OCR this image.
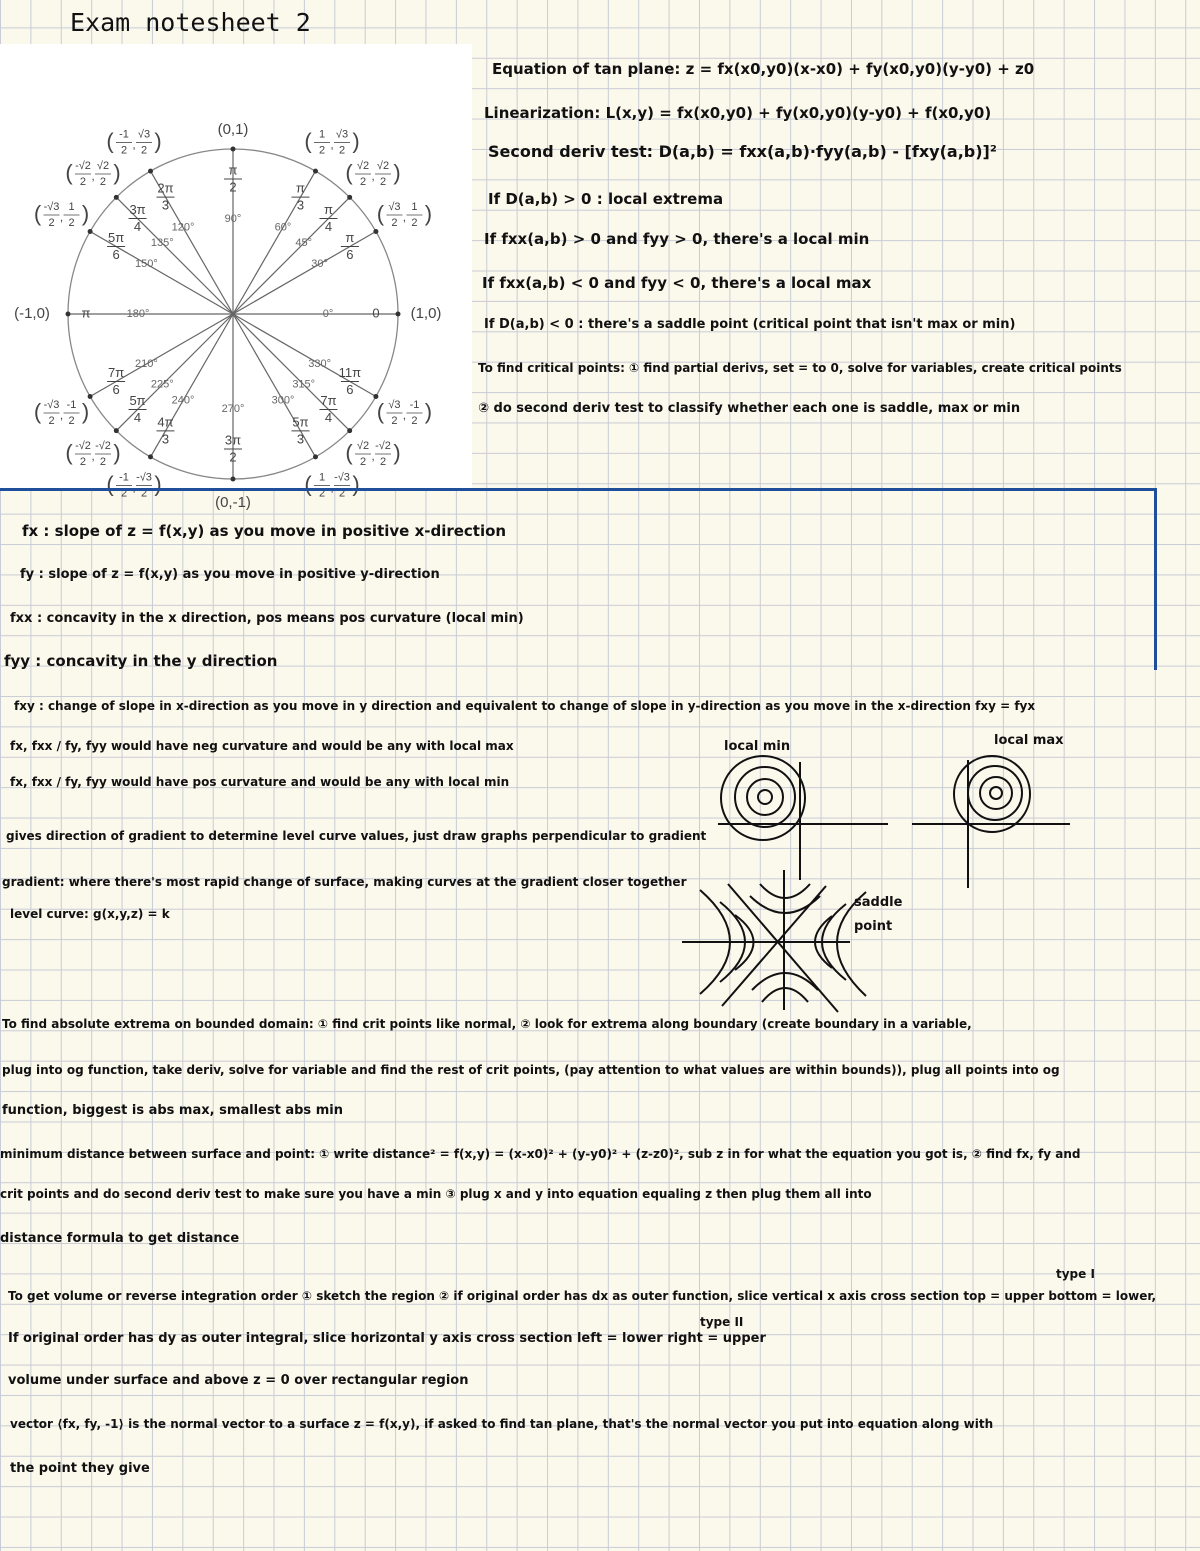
Exam notesheet 2
0°
30°
45°
60°
90°
120°
135°
150°
180°
210°
225°
240°
270°
300°
315°
330°
π
6
π
4
π
3
π
2
2π
3
3π
4
5π
6
7π
6
5π
4 4π
3	3π
2
5π
3
7π
4
11π
6
0
π
(0,1)
(0,-1)
(-1,0)	(1,0)
( √3
2 ,
1
2 )
( √2
2 ,
√2
2 )
( 1
2 ,
√3
2 )
( -1
2 ,
√3
2 )
( -√2
2 ,
√2
2 )
( -√3
2 ,
1
2 )
( -√3
2 ,
-1
2 )
( -√2
2 ,
-√2
2 )
( -1
2 ,
-√3
2 )	( 1
2 ,
-√3
2 )
( √2
2 ,
-√2
2 )
( √3
2 ,
-1
2 )
Equation of tan plane: z = fx(x0,y0)(x-x0) + fy(x0,y0)(y-y0) + z0
Linearization: L(x,y) = fx(x0,y0) + fy(x0,y0)(y-y0) + f(x0,y0)
Second deriv test: D(a,b) = fxx(a,b)·fyy(a,b) - [fxy(a,b)]²
If D(a,b) > 0 : local extrema
If fxx(a,b) > 0 and fyy > 0, there's a local min
If fxx(a,b) < 0 and fyy < 0, there's a local max
If D(a,b) < 0 : there's a saddle point (critical point that isn't max or min)
To find critical points: ① find partial derivs, set = to 0, solve for variables, create critical points
② do second deriv test to classify whether each one is saddle, max or min
fx : slope of z = f(x,y) as you move in positive x-direction
fy : slope of z = f(x,y) as you move in positive y-direction
fxx : concavity in the x direction, pos means pos curvature (local min)
fyy : concavity in the y direction
fxy : change of slope in x-direction as you move in y direction and equivalent to change of slope in y-direction as you move in the x-direction fxy = fyx
fx, fxx / fy, fyy would have neg curvature and would be any with local max
fx, fxx / fy, fyy would have pos curvature and would be any with local min
gives direction of gradient to determine level curve values, just draw graphs perpendicular to gradient
gradient: where there's most rapid change of surface, making curves at the gradient closer together
level curve: g(x,y,z) = k
local min	local max
saddle
point
To find absolute extrema on bounded domain: ① find crit points like normal, ② look for extrema along boundary (create boundary in a variable,
plug into og function, take deriv, solve for variable and find the rest of crit points, (pay attention to what values are within bounds)), plug all points into og
function, biggest is abs max, smallest abs min
minimum distance between surface and point: ① write distance² = f(x,y) = (x-x0)² + (y-y0)² + (z-z0)², sub z in for what the equation you got is, ② find fx, fy and
crit points and do second deriv test to make sure you have a min ③ plug x and y into equation equaling z then plug them all into
distance formula to get distance
type I
To get volume or reverse integration order ① sketch the region ② if original order has dx as outer function, slice vertical x axis cross section top = upper bottom = lower,
type II
If original order has dy as outer integral, slice horizontal y axis cross section left = lower right = upper
volume under surface and above z = 0 over rectangular region
vector ⟨fx, fy, -1⟩ is the normal vector to a surface z = f(x,y), if asked to find tan plane, that's the normal vector you put into equation along with
the point they give
